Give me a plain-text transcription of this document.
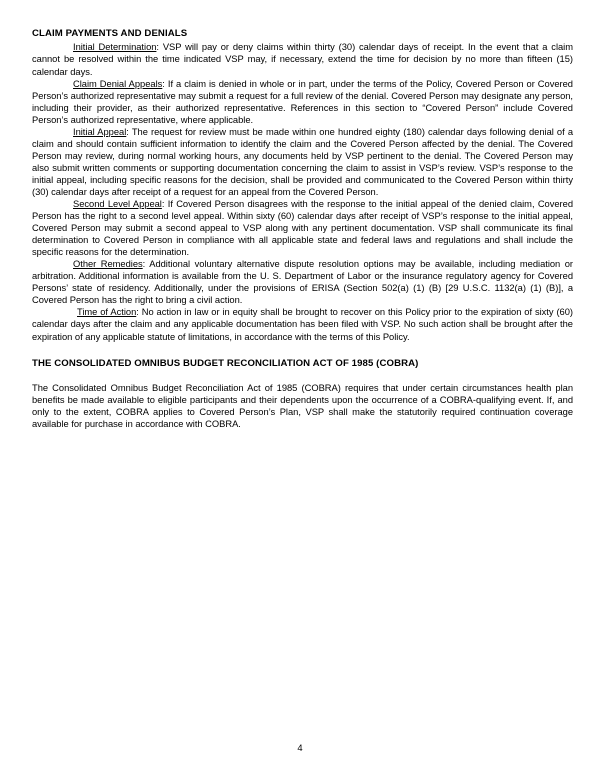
CLAIM PAYMENTS AND DENIALS

Initial Determination: VSP will pay or deny claims within thirty (30) calendar days of receipt. In the event that a claim cannot be resolved within the time indicated VSP may, if necessary, extend the time for decision by no more than fifteen (15) calendar days.

Claim Denial Appeals: If a claim is denied in whole or in part, under the terms of the Policy, Covered Person or Covered Person’s authorized representative may submit a request for a full review of the denial. Covered Person may designate any person, including their provider, as their authorized representative. References in this section to “Covered Person” include Covered Person’s authorized representative, where applicable.

Initial Appeal: The request for review must be made within one hundred eighty (180) calendar days following denial of a claim and should contain sufficient information to identify the claim and the Covered Person affected by the denial. The Covered Person may review, during normal working hours, any documents held by VSP pertinent to the denial. The Covered Person may also submit written comments or supporting documentation concerning the claim to assist in VSP’s review. VSP’s response to the initial appeal, including specific reasons for the decision, shall be provided and communicated to the Covered Person within thirty (30) calendar days after receipt of a request for an appeal from the Covered Person.

Second Level Appeal: If Covered Person disagrees with the response to the initial appeal of the denied claim, Covered Person has the right to a second level appeal. Within sixty (60) calendar days after receipt of VSP’s response to the initial appeal, Covered Person may submit a second appeal to VSP along with any pertinent documentation. VSP shall communicate its final determination to Covered Person in compliance with all applicable state and federal laws and regulations and shall include the specific reasons for the determination.

Other Remedies: Additional voluntary alternative dispute resolution options may be available, including mediation or arbitration. Additional information is available from the U. S. Department of Labor or the insurance regulatory agency for Covered Persons’ state of residency. Additionally, under the provisions of ERISA (Section 502(a) (1) (B) [29 U.S.C. 1132(a) (1) (B)], a Covered Person has the right to bring a civil action.

Time of Action: No action in law or in equity shall be brought to recover on this Policy prior to the expiration of sixty (60) calendar days after the claim and any applicable documentation has been filed with VSP. No such action shall be brought after the expiration of any applicable statute of limitations, in accordance with the terms of this Policy.

THE CONSOLIDATED OMNIBUS BUDGET RECONCILIATION ACT OF 1985 (COBRA)

The Consolidated Omnibus Budget Reconciliation Act of 1985 (COBRA) requires that under certain circumstances health plan benefits be made available to eligible participants and their dependents upon the occurrence of a COBRA-qualifying event. If, and only to the extent, COBRA applies to Covered Person’s Plan, VSP shall make the statutorily required continuation coverage available for purchase in accordance with COBRA.

4
